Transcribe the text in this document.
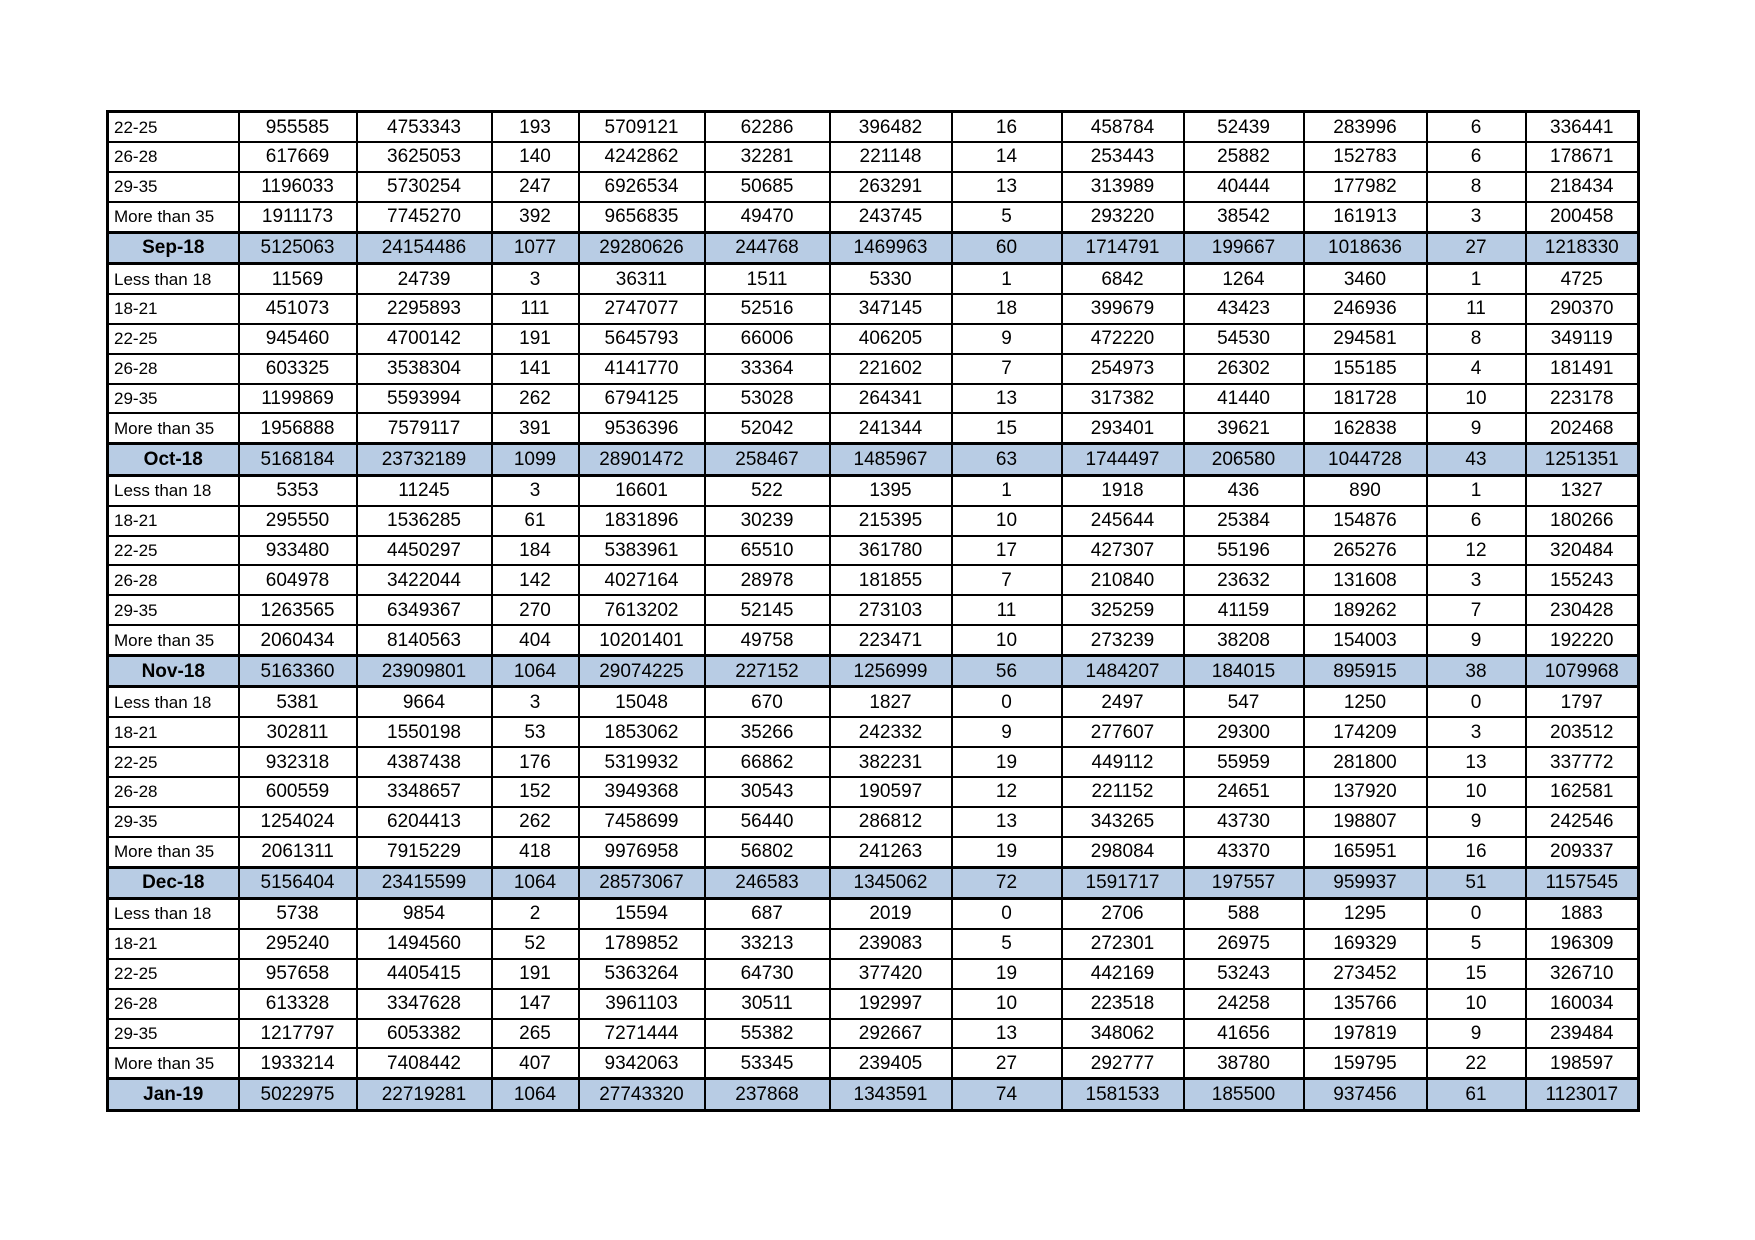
22-25	955585	4753343	193	5709121	62286	396482	16	458784	52439	283996	6	336441
26-28	617669	3625053	140	4242862	32281	221148	14	253443	25882	152783	6	178671
29-35	1196033	5730254	247	6926534	50685	263291	13	313989	40444	177982	8	218434
More than 35	1911173	7745270	392	9656835	49470	243745	5	293220	38542	161913	3	200458
Sep-18	5125063	24154486	1077	29280626	244768	1469963	60	1714791	199667	1018636	27	1218330
Less than 18	11569	24739	3	36311	1511	5330	1	6842	1264	3460	1	4725
18-21	451073	2295893	111	2747077	52516	347145	18	399679	43423	246936	11	290370
22-25	945460	4700142	191	5645793	66006	406205	9	472220	54530	294581	8	349119
26-28	603325	3538304	141	4141770	33364	221602	7	254973	26302	155185	4	181491
29-35	1199869	5593994	262	6794125	53028	264341	13	317382	41440	181728	10	223178
More than 35	1956888	7579117	391	9536396	52042	241344	15	293401	39621	162838	9	202468
Oct-18	5168184	23732189	1099	28901472	258467	1485967	63	1744497	206580	1044728	43	1251351
Less than 18	5353	11245	3	16601	522	1395	1	1918	436	890	1	1327
18-21	295550	1536285	61	1831896	30239	215395	10	245644	25384	154876	6	180266
22-25	933480	4450297	184	5383961	65510	361780	17	427307	55196	265276	12	320484
26-28	604978	3422044	142	4027164	28978	181855	7	210840	23632	131608	3	155243
29-35	1263565	6349367	270	7613202	52145	273103	11	325259	41159	189262	7	230428
More than 35	2060434	8140563	404	10201401	49758	223471	10	273239	38208	154003	9	192220
Nov-18	5163360	23909801	1064	29074225	227152	1256999	56	1484207	184015	895915	38	1079968
Less than 18	5381	9664	3	15048	670	1827	0	2497	547	1250	0	1797
18-21	302811	1550198	53	1853062	35266	242332	9	277607	29300	174209	3	203512
22-25	932318	4387438	176	5319932	66862	382231	19	449112	55959	281800	13	337772
26-28	600559	3348657	152	3949368	30543	190597	12	221152	24651	137920	10	162581
29-35	1254024	6204413	262	7458699	56440	286812	13	343265	43730	198807	9	242546
More than 35	2061311	7915229	418	9976958	56802	241263	19	298084	43370	165951	16	209337
Dec-18	5156404	23415599	1064	28573067	246583	1345062	72	1591717	197557	959937	51	1157545
Less than 18	5738	9854	2	15594	687	2019	0	2706	588	1295	0	1883
18-21	295240	1494560	52	1789852	33213	239083	5	272301	26975	169329	5	196309
22-25	957658	4405415	191	5363264	64730	377420	19	442169	53243	273452	15	326710
26-28	613328	3347628	147	3961103	30511	192997	10	223518	24258	135766	10	160034
29-35	1217797	6053382	265	7271444	55382	292667	13	348062	41656	197819	9	239484
More than 35	1933214	7408442	407	9342063	53345	239405	27	292777	38780	159795	22	198597
Jan-19	5022975	22719281	1064	27743320	237868	1343591	74	1581533	185500	937456	61	1123017
